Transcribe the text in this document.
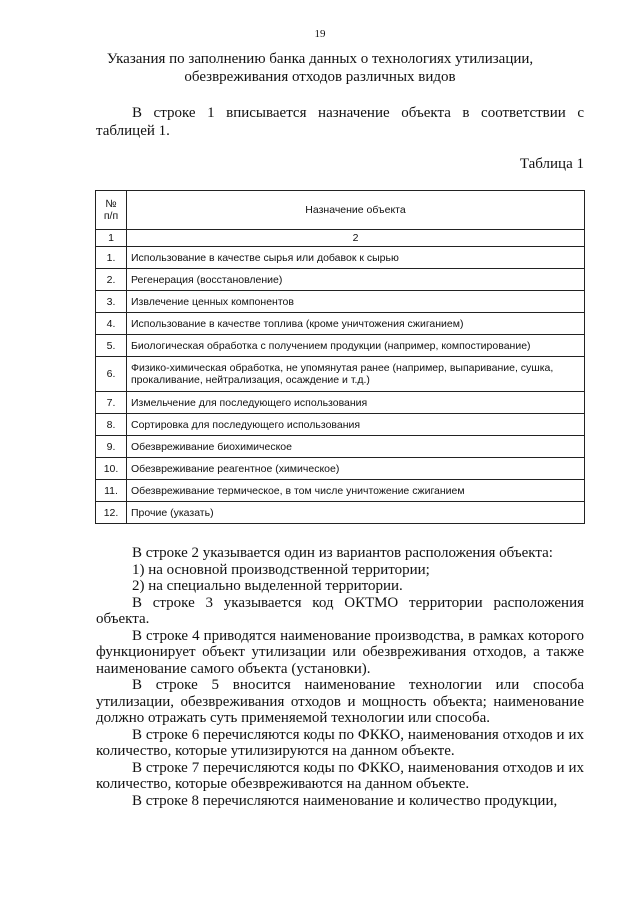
19
Указания по заполнению банка данных о технологиях утилизации,
обезвреживания отходов различных видов
В строке 1 вписывается назначение объекта в соответствии с таблицей 1.
Таблица 1
№ п/п	Назначение объекта
1	2
1.	Использование в качестве сырья или добавок к сырью
2.	Регенерация (восстановление)
3.	Извлечение ценных компонентов
4.	Использование в качестве топлива (кроме уничтожения сжиганием)
5.	Биологическая обработка с получением продукции (например, компостирование)
6.	Физико-химическая обработка, не упомянутая ранее (например, выпаривание, сушка, прокаливание, нейтрализация, осаждение и т.д.)
7.	Измельчение для последующего использования
8.	Сортировка для последующего использования
9.	Обезвреживание биохимическое
10.	Обезвреживание реагентное (химическое)
11.	Обезвреживание термическое, в том числе уничтожение сжиганием
12.	Прочие (указать)

В строке 2 указывается один из вариантов расположения объекта:

1) на основной производственной территории;

2) на специально выделенной территории.

В строке 3 указывается код ОКТМО территории расположения объекта.

В строке 4 приводятся наименование производства, в рамках которого функционирует объект утилизации или обезвреживания отходов, а также наименование самого объекта (установки).

В строке 5 вносится наименование технологии или способа утилизации, обезвреживания отходов и мощность объекта; наименование должно отражать суть применяемой технологии или способа.

В строке 6 перечисляются коды по ФККО, наименования отходов и их количество, которые утилизируются на данном объекте.

В строке 7 перечисляются коды по ФККО, наименования отходов и их количество, которые обезвреживаются на данном объекте.

В строке 8 перечисляются наименование и количество продукции,
